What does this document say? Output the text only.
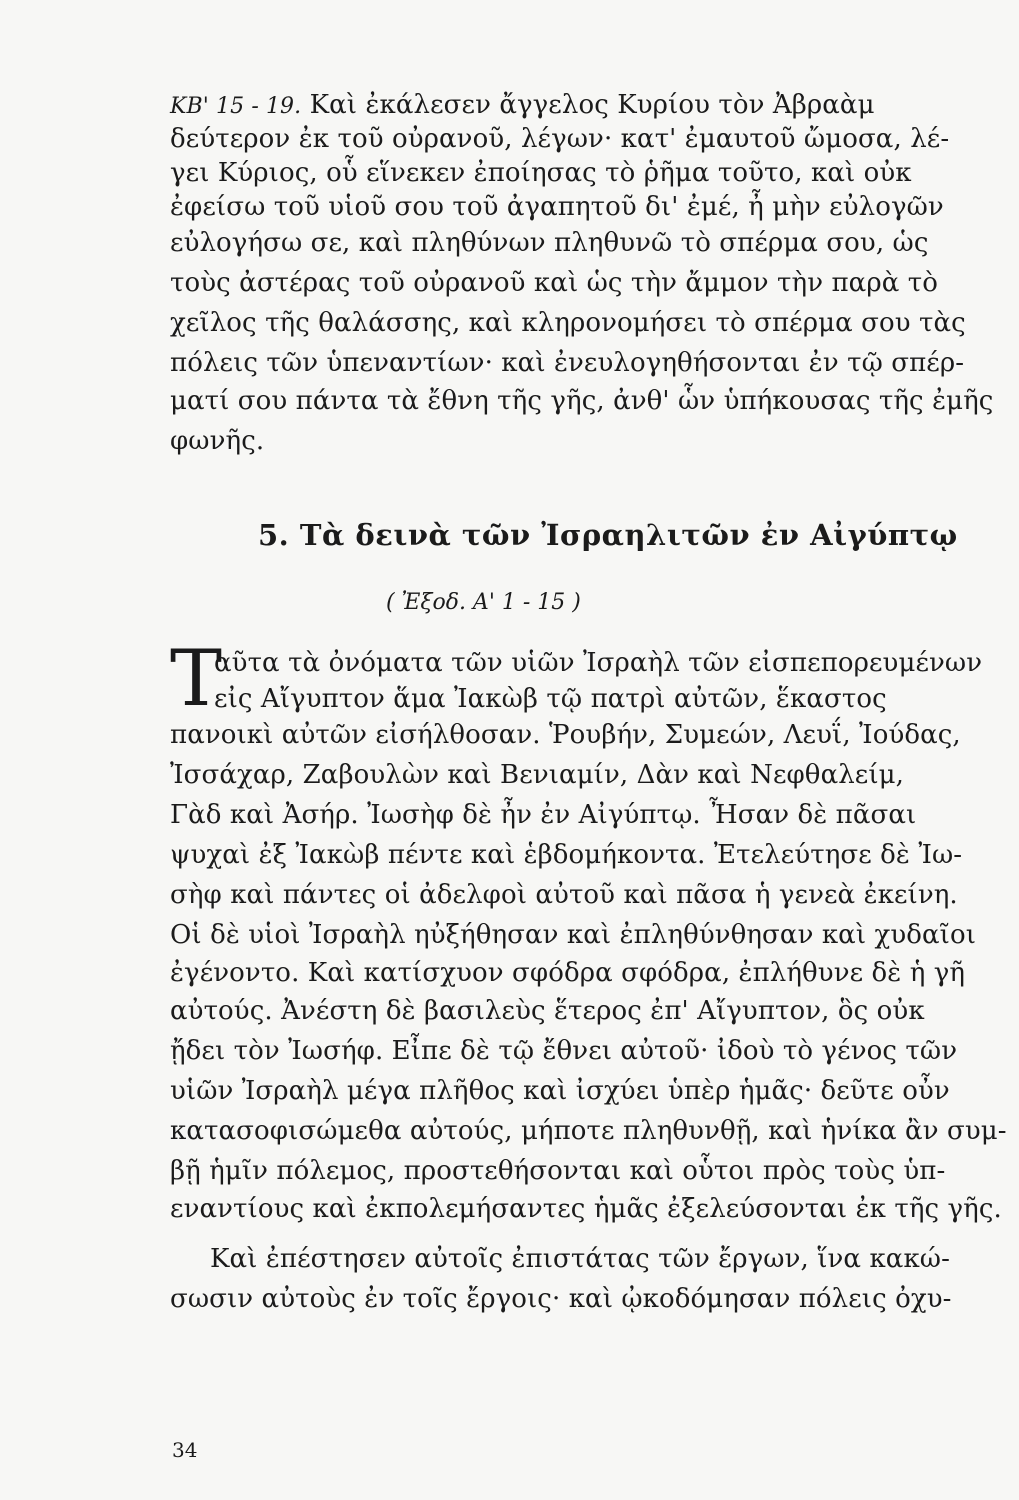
ΚΒ' 15 - 19. Καὶ ἐκάλεσεν ἄγγελος Κυρίου τὸν Ἀβραὰμ
δεύτερον ἐκ τοῦ οὐρανοῦ, λέγων· κατ' ἐμαυτοῦ ὤμοσα, λέ-
γει Κύριος, οὗ εἵνεκεν ἐποίησας τὸ ῥῆμα τοῦτο, καὶ οὐκ
ἐφείσω τοῦ υἱοῦ σου τοῦ ἀγαπητοῦ δι' ἐμέ, ἦ μὴν εὐλογῶν
εὐλογήσω σε, καὶ πληθύνων πληθυνῶ τὸ σπέρμα σου, ὡς
τοὺς ἀστέρας τοῦ οὐρανοῦ καὶ ὡς τὴν ἄμμον τὴν παρὰ τὸ
χεῖλος τῆς θαλάσσης, καὶ κληρονομήσει τὸ σπέρμα σου τὰς
πόλεις τῶν ὑπεναντίων· καὶ ἐνευλογηθήσονται ἐν τῷ σπέρ-
ματί σου πάντα τὰ ἔθνη τῆς γῆς, ἀνθ' ὧν ὑπήκουσας τῆς ἐμῆς
φωνῆς.
5. Τὰ δεινὰ τῶν Ἰσραηλιτῶν ἐν Αἰγύπτῳ
( Ἐξοδ. Α' 1 - 15 )
Τ
αῦτα τὰ ὀνόματα τῶν υἱῶν Ἰσραὴλ τῶν εἰσπεπορευμένων
εἰς Αἴγυπτον ἅμα Ἰακὼβ τῷ πατρὶ αὐτῶν, ἕκαστος
πανοικὶ αὐτῶν εἰσήλθοσαν. Ῥουβήν, Συμεών, Λευΐ, Ἰούδας,
Ἰσσάχαρ, Ζαβουλὼν καὶ Βενιαμίν, Δὰν καὶ Νεφθαλείμ,
Γὰδ καὶ Ἀσήρ. Ἰωσὴφ δὲ ἦν ἐν Αἰγύπτῳ. Ἦσαν δὲ πᾶσαι
ψυχαὶ ἐξ Ἰακὼβ πέντε καὶ ἑβδομήκοντα. Ἐτελεύτησε δὲ Ἰω-
σὴφ καὶ πάντες οἱ ἀδελφοὶ αὐτοῦ καὶ πᾶσα ἡ γενεὰ ἐκείνη.
Οἱ δὲ υἱοὶ Ἰσραὴλ ηὐξήθησαν καὶ ἐπληθύνθησαν καὶ χυδαῖοι
ἐγένοντο. Καὶ κατίσχυον σφόδρα σφόδρα, ἐπλήθυνε δὲ ἡ γῆ
αὐτούς. Ἀνέστη δὲ βασιλεὺς ἕτερος ἐπ' Αἴγυπτον, ὃς οὐκ
ᾔδει τὸν Ἰωσήφ. Εἶπε δὲ τῷ ἔθνει αὐτοῦ· ἰδοὺ τὸ γένος τῶν
υἱῶν Ἰσραὴλ μέγα πλῆθος καὶ ἰσχύει ὑπὲρ ἡμᾶς· δεῦτε οὖν
κατασοφισώμεθα αὐτούς, μήποτε πληθυνθῇ, καὶ ἡνίκα ἂν συμ-
βῇ ἡμῖν πόλεμος, προστεθήσονται καὶ οὗτοι πρὸς τοὺς ὑπ-
εναντίους καὶ ἐκπολεμήσαντες ἡμᾶς ἐξελεύσονται ἐκ τῆς γῆς.
Καὶ ἐπέστησεν αὐτοῖς ἐπιστάτας τῶν ἔργων, ἵνα κακώ-
σωσιν αὐτοὺς ἐν τοῖς ἔργοις· καὶ ᾠκοδόμησαν πόλεις ὀχυ-
34
